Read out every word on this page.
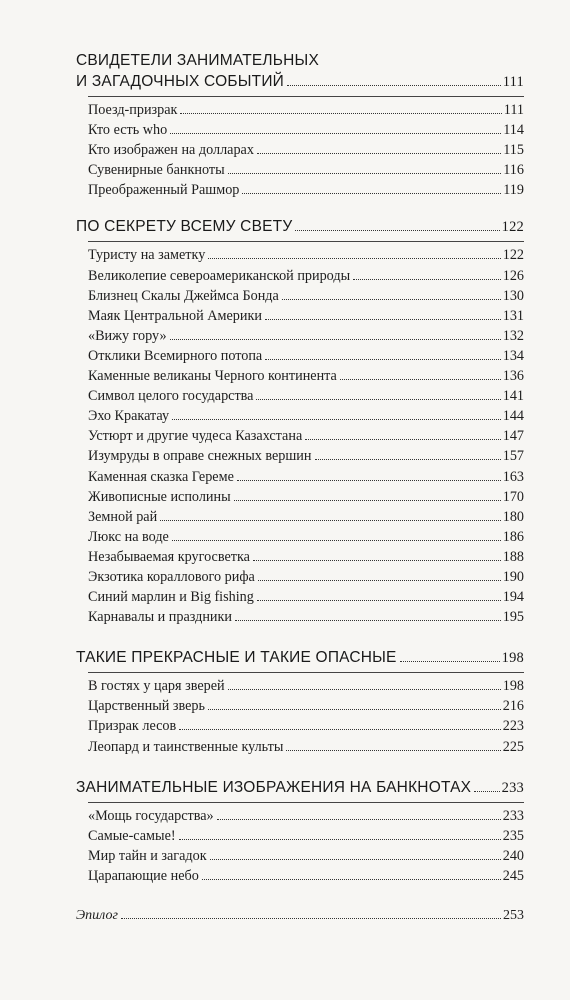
СВИДЕТЕЛИ ЗАНИМАТЕЛЬНЫХ
И ЗАГАДОЧНЫХ СОБЫТИЙ	111
Поезд-призрак	111
Кто есть who	114
Кто изображен на долларах	115
Сувенирные банкноты	116
Преображенный Рашмор	119
ПО СЕКРЕТУ ВСЕМУ СВЕТУ	122
Туристу на заметку	122
Великолепие североамериканской природы	126
Близнец Скалы Джеймса Бонда	130
Маяк Центральной Америки	131
«Вижу гору»	132
Отклики Всемирного потопа	134
Каменные великаны Черного континента	136
Символ целого государства	141
Эхо Кракатау	144
Устюрт и другие чудеса Казахстана	147
Изумруды в оправе снежных вершин	157
Каменная сказка Гереме	163
Живописные исполины	170
Земной рай	180
Люкс на воде	186
Незабываемая кругосветка	188
Экзотика кораллового рифа	190
Синий марлин и Big fishing	194
Карнавалы и праздники	195
ТАКИЕ ПРЕКРАСНЫЕ И ТАКИЕ ОПАСНЫЕ	198
В гостях у царя зверей	198
Царственный зверь	216
Призрак лесов	223
Леопард и таинственные культы	225
ЗАНИМАТЕЛЬНЫЕ ИЗОБРАЖЕНИЯ НА БАНКНОТАХ 233
«Мощь государства»	233
Самые-самые!	235
Мир тайн и загадок	240
Царапающие небо	245
Эпилог	253
